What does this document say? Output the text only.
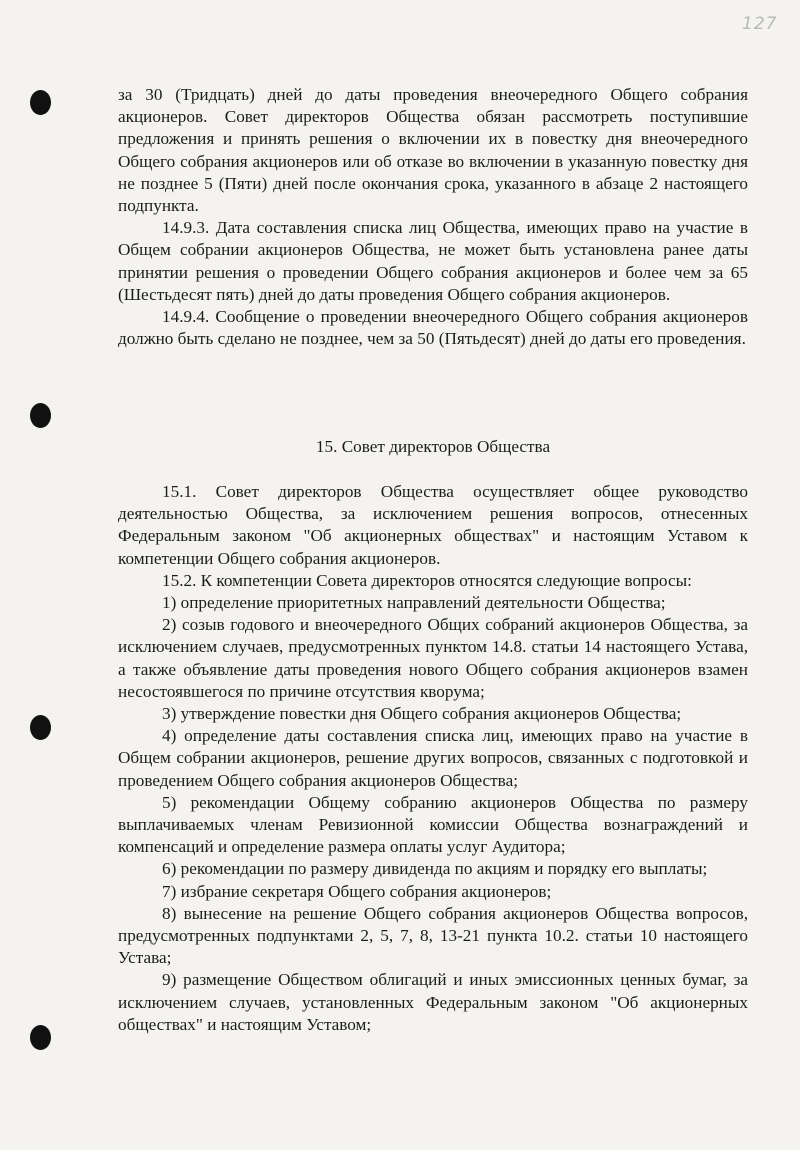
127

за 30 (Тридцать) дней до даты проведения внеочередного Общего собрания акционеров. Совет директоров Общества обязан рассмотреть поступившие предложения и принять решения о включении их в повестку дня внеочередного Общего собрания акционеров или об отказе во включении в указанную повестку дня не позднее 5 (Пяти) дней после окончания срока, указанного в абзаце 2 настоящего подпункта.

14.9.3. Дата составления списка лиц Общества, имеющих право на участие в Общем собрании акционеров Общества, не может быть установлена ранее даты принятии решения о проведении Общего собрания акционеров и более чем за 65 (Шестьдесят пять) дней до даты проведения Общего собрания акционеров.

14.9.4. Сообщение о проведении внеочередного Общего собрания акционеров должно быть сделано не позднее, чем за 50 (Пятьдесят) дней до даты его проведения.

15. Совет директоров Общества

15.1. Совет директоров Общества осуществляет общее руководство деятельностью Общества, за исключением решения вопросов, отнесенных Федеральным законом "Об акционерных обществах" и настоящим Уставом к компетенции Общего собрания акционеров.

15.2. К компетенции Совета директоров относятся следующие вопросы:

1) определение приоритетных направлений деятельности Общества;

2) созыв годового и внеочередного Общих собраний акционеров Общества, за исключением случаев, предусмотренных пунктом 14.8. статьи 14 настоящего Устава, а также объявление даты проведения нового Общего собрания акционеров взамен несостоявшегося по причине отсутствия кворума;

3) утверждение повестки дня Общего собрания акционеров Общества;

4) определение даты составления списка лиц, имеющих право на участие в Общем собрании акционеров, решение других вопросов, связанных с подготовкой и проведением Общего собрания акционеров Общества;

5) рекомендации Общему собранию акционеров Общества по размеру выплачиваемых членам Ревизионной комиссии Общества вознаграждений и компенсаций и определение размера оплаты услуг Аудитора;

6) рекомендации по размеру дивиденда по акциям и порядку его выплаты;

7) избрание секретаря Общего собрания акционеров;

8) вынесение на решение Общего собрания акционеров Общества вопросов, предусмотренных подпунктами 2, 5, 7, 8, 13-21 пункта 10.2. статьи 10 настоящего Устава;

9) размещение Обществом облигаций и иных эмиссионных ценных бумаг, за исключением случаев, установленных Федеральным законом "Об акционерных обществах" и настоящим Уставом;
